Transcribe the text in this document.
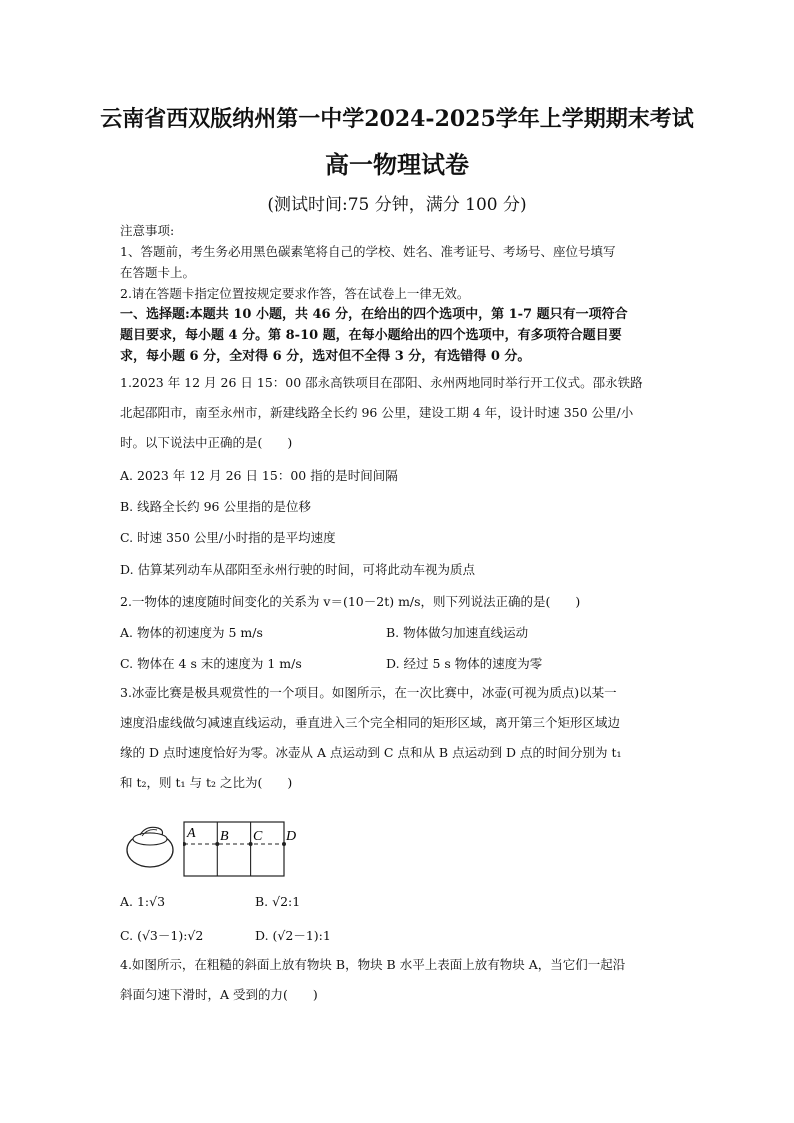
云南省西双版纳州第一中学2024-2025学年上学期期末考试
高一物理试卷
(测试时间:75 分钟，满分 100 分)
注意事项:
1、答题前，考生务必用黑色碳素笔将自己的学校、姓名、准考证号、考场号、座位号填写
在答题卡上。
2.请在答题卡指定位置按规定要求作答，答在试卷上一律无效。
一、选择题:本题共 10 小题，共 46 分，在给出的四个选项中，第 1-7 题只有一项符合
题目要求，每小题 4 分。第 8-10 题，在每小题给出的四个选项中，有多项符合题目要
求，每小题 6 分，全对得 6 分，选对但不全得 3 分，有选错得 0 分。
1.2023 年 12 月 26 日 15：00 邵永高铁项目在邵阳、永州两地同时举行开工仪式。邵永铁路
北起邵阳市，南至永州市，新建线路全长约 96 公里，建设工期 4 年，设计时速 350 公里/小
时。以下说法中正确的是(　　)
A. 2023 年 12 月 26 日 15：00 指的是时间间隔
B. 线路全长约 96 公里指的是位移
C. 时速 350 公里/小时指的是平均速度
D. 估算某列动车从邵阳至永州行驶的时间，可将此动车视为质点
2.一物体的速度随时间变化的关系为 v＝(10－2t) m/s，则下列说法正确的是(　　)
A. 物体的初速度为 5 m/s	B. 物体做匀加速直线运动
C. 物体在 4 s 末的速度为 1 m/s	D. 经过 5 s 物体的速度为零
3.冰壶比赛是极具观赏性的一个项目。如图所示，在一次比赛中，冰壶(可视为质点)以某一
速度沿虚线做匀减速直线运动，垂直进入三个完全相同的矩形区域，离开第三个矩形区域边
缘的 D 点时速度恰好为零。冰壶从 A 点运动到 C 点和从 B 点运动到 D 点的时间分别为 t₁
和 t₂，则 t₁ 与 t₂ 之比为(　　)
A B C D
A. 1:√3	B. √2:1
C. (√3－1):√2	D. (√2－1):1
4.如图所示，在粗糙的斜面上放有物块 B，物块 B 水平上表面上放有物块 A，当它们一起沿
斜面匀速下滑时，A 受到的力(　　)
